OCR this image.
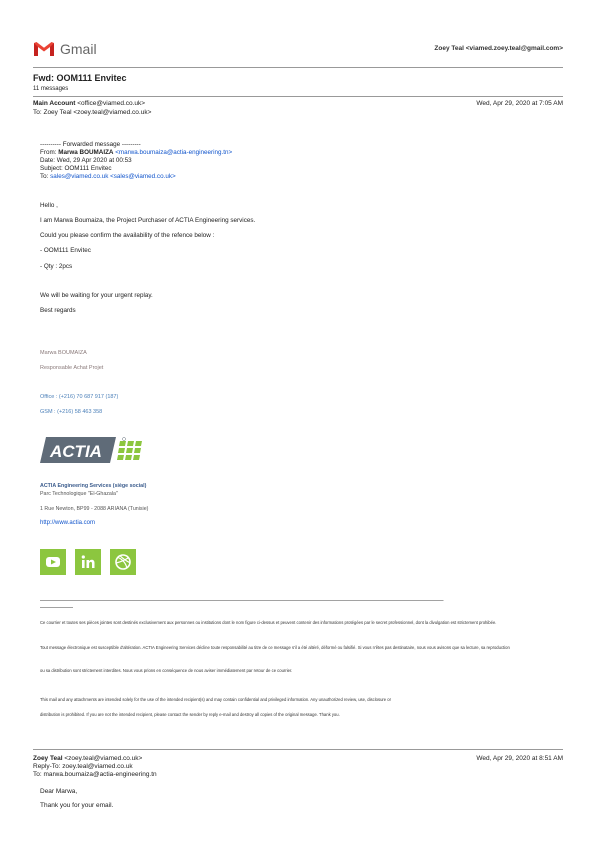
Gmail	Zoey Teal <viamed.zoey.teal@gmail.com>
Fwd: OOM111 Envitec
11 messages
Main Account <office@viamed.co.uk>	Wed, Apr 29, 2020 at 7:05 AM
To: Zoey Teal <zoey.teal@viamed.co.uk>
---------- Forwarded message ---------
From: Marwa BOUMAIZA <marwa.boumaiza@actia-engineering.tn>
Date: Wed, 29 Apr 2020 at 00:53
Subject: OOM111 Envitec
To: sales@viamed.co.uk <sales@viamed.co.uk>
Hello ,
I am Marwa Boumaiza, the Project Purchaser of ACTIA Engineering services.
Could you please confirm the availability of the refence below :
- OOM111 Envitec
- Qty : 2pcs
We will be waiting for your urgent replay.
Best regards
Marwa BOUMAIZA
Responsable Achat Projet
Office : (+216) 70 687 917 (187)
GSM : (+216) 58 463 358
ACTIA
ACTIA Engineering Services (siège social)
Parc Technologique "El-Ghazala"
1 Rue Newton, BP99 - 2088 ARIANA (Tunisie)
http://www.actia.com
——————————————————————————————————————————————————————————————
—————
Ce courrier et toutes ses pièces jointes sont destinés exclusivement aux personnes ou institutions dont le nom figure ci-dessus et peuvent contenir des informations protégées par le secret professionnel, dont la divulgation est strictement prohibée.
Tout message électronique est susceptible d'altération. ACTIA Engineering Services décline toute responsabilité au titre de ce message s'il a été altéré, déformé ou falsifié. Si vous n'êtes pas destinataire, nous vous avisons que sa lecture, sa reproduction
ou sa distribution sont strictement interdites. Nous vous prions en conséquence de nous aviser immédiatement par retour de ce courrier.
This mail and any attachments are intended solely for the use of the intended recipient(s) and may contain confidential and privileged information. Any unauthorized review, use, disclosure or
distribution is prohibited. If you are not the intended recipient, please contact the sender by reply e-mail and destroy all copies of the original message. Thank you.
Zoey Teal <zoey.teal@viamed.co.uk>	Wed, Apr 29, 2020 at 8:51 AM
Reply-To: zoey.teal@viamed.co.uk
To: marwa.boumaiza@actia-engineering.tn
Dear Marwa,
Thank you for your email.
